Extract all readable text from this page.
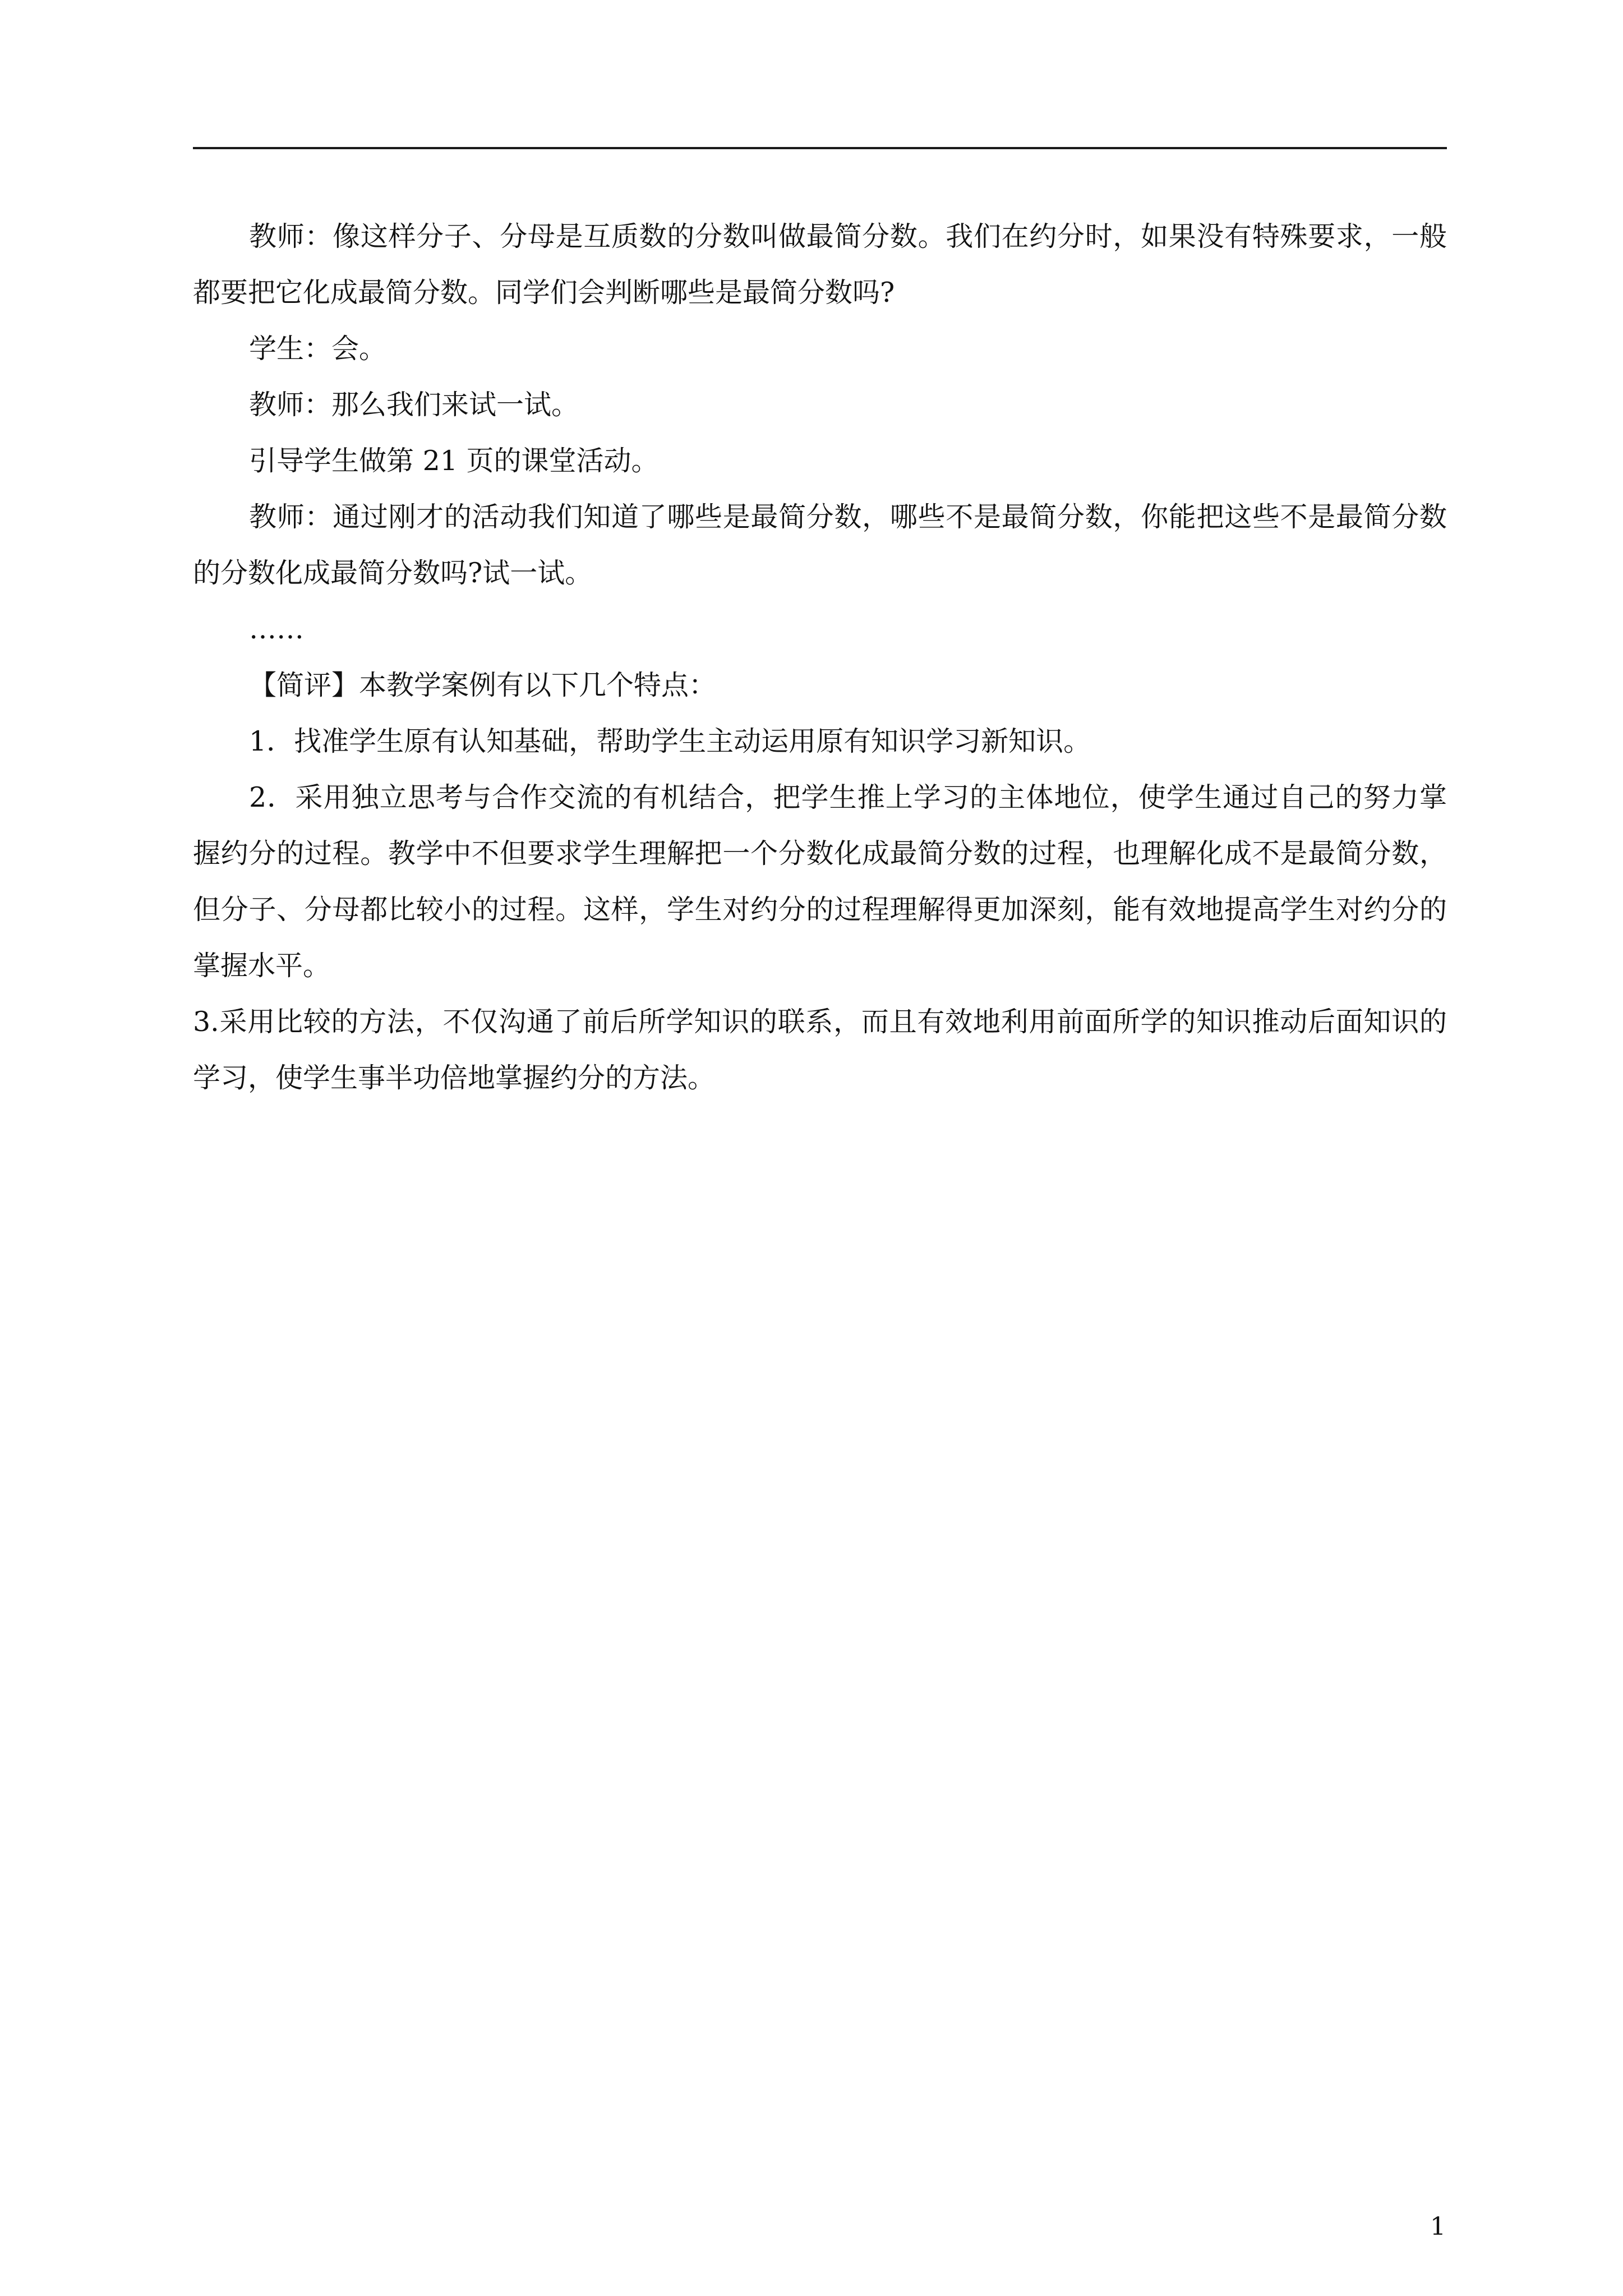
教师：像这样分子、分母是互质数的分数叫做最简分数。我们在约分时，如果没有特殊要求，一般都要把它化成最简分数。同学们会判断哪些是最简分数吗?

学生：会。

教师：那么我们来试一试。

引导学生做第 21 页的课堂活动。

教师：通过刚才的活动我们知道了哪些是最简分数，哪些不是最简分数，你能把这些不是最简分数的分数化成最简分数吗?试一试。

……

【简评】本教学案例有以下几个特点：

1．找准学生原有认知基础，帮助学生主动运用原有知识学习新知识。

2．采用独立思考与合作交流的有机结合，把学生推上学习的主体地位，使学生通过自己的努力掌握约分的过程。教学中不但要求学生理解把一个分数化成最简分数的过程，也理解化成不是最简分数，但分子、分母都比较小的过程。这样，学生对约分的过程理解得更加深刻，能有效地提高学生对约分的掌握水平。

3.采用比较的方法，不仅沟通了前后所学知识的联系，而且有效地利用前面所学的知识推动后面知识的学习，使学生事半功倍地掌握约分的方法。

1
